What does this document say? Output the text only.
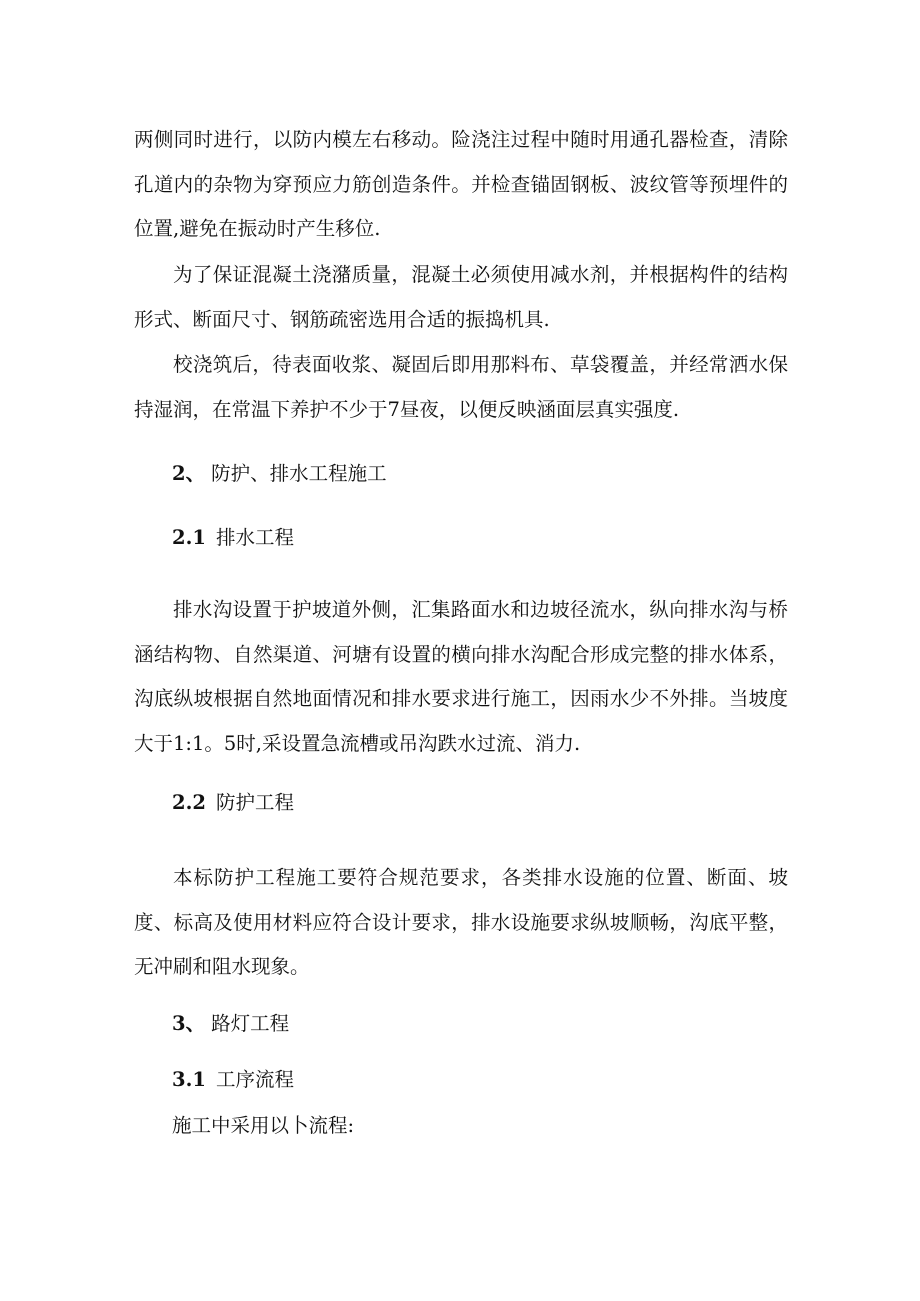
两侧同时进行，以防内模左右移动。险浇注过程中随时用通孔器检查，清除孔道内的杂物为穿预应力筋创造条件。并检查锚固钢板、波纹管等预埋件的位置,避免在振动时产生移位.

为了保证混凝土浇潴质量，混凝土必须使用减水剂，并根据构件的结构形式、断面尺寸、钢筋疏密选用合适的振捣机具.

校浇筑后，待表面收浆、凝固后即用那料布、草袋覆盖，并经常洒水保持湿润，在常温下养护不少于7昼夜，以便反映涵面层真实强度.

2、 防护、排水工程施工
2.1 排水工程

排水沟设置于护坡道外侧，汇集路面水和边坡径流水，纵向排水沟与桥涵结构物、自然渠道、河塘有设置的横向排水沟配合形成完整的排水体系，沟底纵坡根据自然地面情况和排水要求进行施工，因雨水少不外排。当坡度大于1:1。5时,采设置急流槽或吊沟跌水过流、消力.

2.2 防护工程

本标防护工程施工要符合规范要求，各类排水设施的位置、断面、坡度、标高及使用材料应符合设计要求，排水设施要求纵坡顺畅，沟底平整，无冲刷和阻水现象。

3、 路灯工程
3.1 工序流程

施工中采用以卜流程:
